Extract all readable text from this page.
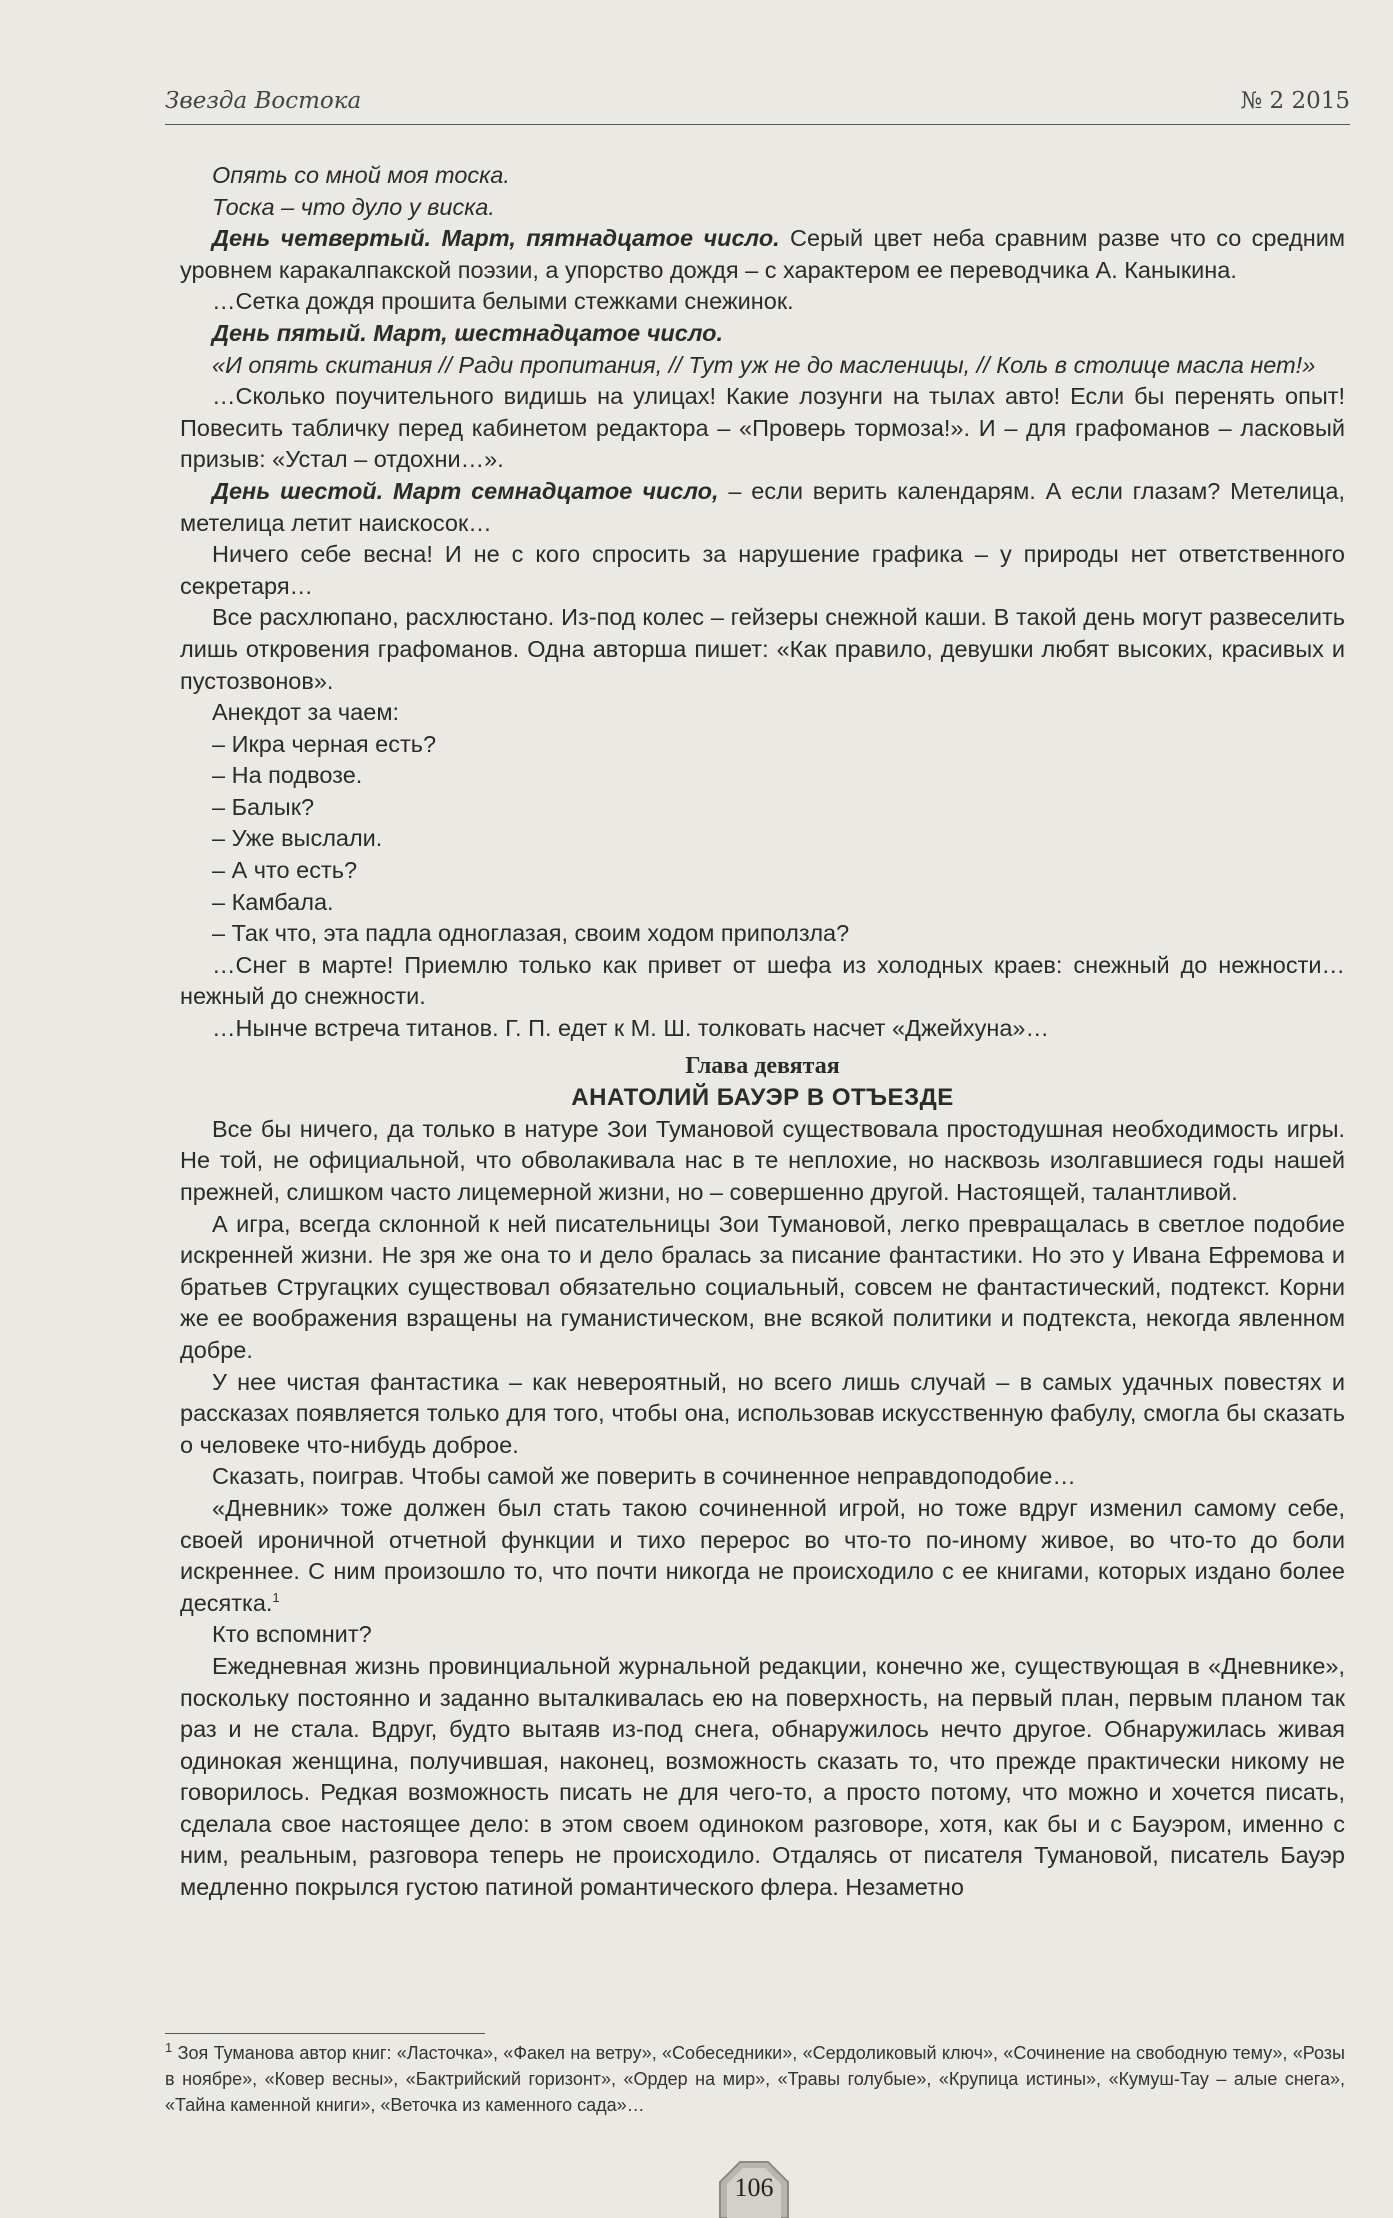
Звезда Востока	№ 2 2015

Опять со мной моя тоска.

Тоска – что дуло у виска.

День четвертый. Март, пятнадцатое число. Серый цвет неба сравним разве что со средним уровнем каракалпакской поэзии, а упорство дождя – с характером ее переводчика А. Каныкина.

…Сетка дождя прошита белыми стежками снежинок.

День пятый. Март, шестнадцатое число.

«И опять скитания // Ради пропитания, // Тут уж не до масленицы, // Коль в столице масла нет!»

…Сколько поучительного видишь на улицах! Какие лозунги на тылах авто! Если бы перенять опыт! Повесить табличку перед кабинетом редактора – «Проверь тормоза!». И – для графоманов – ласковый призыв: «Устал – отдохни…».

День шестой. Март семнадцатое число, – если верить календарям. А если глазам? Метелица, метелица летит наискосок…

Ничего себе весна! И не с кого спросить за нарушение графика – у природы нет ответственного секретаря…

Все расхлюпано, расхлюстано. Из-под колес – гейзеры снежной каши. В такой день могут развеселить лишь откровения графоманов. Одна авторша пишет: «Как правило, девушки любят высоких, красивых и пустозвонов».

Анекдот за чаем:

– Икра черная есть?

– На подвозе.

– Балык?

– Уже выслали.

– А что есть?

– Камбала.

– Так что, эта падла одноглазая, своим ходом приползла?

…Снег в марте! Приемлю только как привет от шефа из холодных краев: снежный до нежности… нежный до снежности.

…Нынче встреча титанов. Г. П. едет к М. Ш. толковать насчет «Джейхуна»…

Глава девятая

АНАТОЛИЙ БАУЭР В ОТЪЕЗДЕ

Все бы ничего, да только в натуре Зои Тумановой существовала простодушная необходимость игры. Не той, не официальной, что обволакивала нас в те неплохие, но насквозь изолгавшиеся годы нашей прежней, слишком часто лицемерной жизни, но – совершенно другой. Настоящей, талантливой.

А игра, всегда склонной к ней писательницы Зои Тумановой, легко превращалась в светлое подобие искренней жизни. Не зря же она то и дело бралась за писание фантастики. Но это у Ивана Ефремова и братьев Стругацких существовал обязательно социальный, совсем не фантастический, подтекст. Корни же ее воображения взращены на гуманистическом, вне всякой политики и подтекста, некогда явленном добре.

У нее чистая фантастика – как невероятный, но всего лишь случай – в самых удачных повестях и рассказах появляется только для того, чтобы она, использовав искусственную фабулу, смогла бы сказать о человеке что-нибудь доброе.

Сказать, поиграв. Чтобы самой же поверить в сочиненное неправдоподобие…

«Дневник» тоже должен был стать такою сочиненной игрой, но тоже вдруг изменил самому себе, своей ироничной отчетной функции и тихо перерос во что-то по-иному живое, во что-то до боли искреннее. С ним произошло то, что почти никогда не происходило с ее книгами, которых издано более десятка.$^1$

Кто вспомнит?

Ежедневная жизнь провинциальной журнальной редакции, конечно же, существующая в «Дневнике», поскольку постоянно и заданно выталкивалась ею на поверхность, на первый план, первым планом так раз и не стала. Вдруг, будто вытаяв из-под снега, обнаружилось нечто другое. Обнаружилась живая одинокая женщина, получившая, наконец, возможность сказать то, что прежде практически никому не говорилось. Редкая возможность писать не для чего-то, а просто потому, что можно и хочется писать, сделала свое настоящее дело: в этом своем одиноком разговоре, хотя, как бы и с Бауэром, именно с ним, реальным, разговора теперь не происходило. Отдалясь от писателя Тумановой, писатель Бауэр медленно покрылся густою патиной романтического флера. Незаметно

$^1$ Зоя Туманова автор книг: «Ласточка», «Факел на ветру», «Собеседники», «Сердоликовый ключ», «Сочинение на свободную тему», «Розы в ноябре», «Ковер весны», «Бактрийский горизонт», «Ордер на мир», «Травы голубые», «Крупица истины», «Кумуш-Тау – алые снега», «Тайна каменной книги», «Веточка из каменного сада»…
106
